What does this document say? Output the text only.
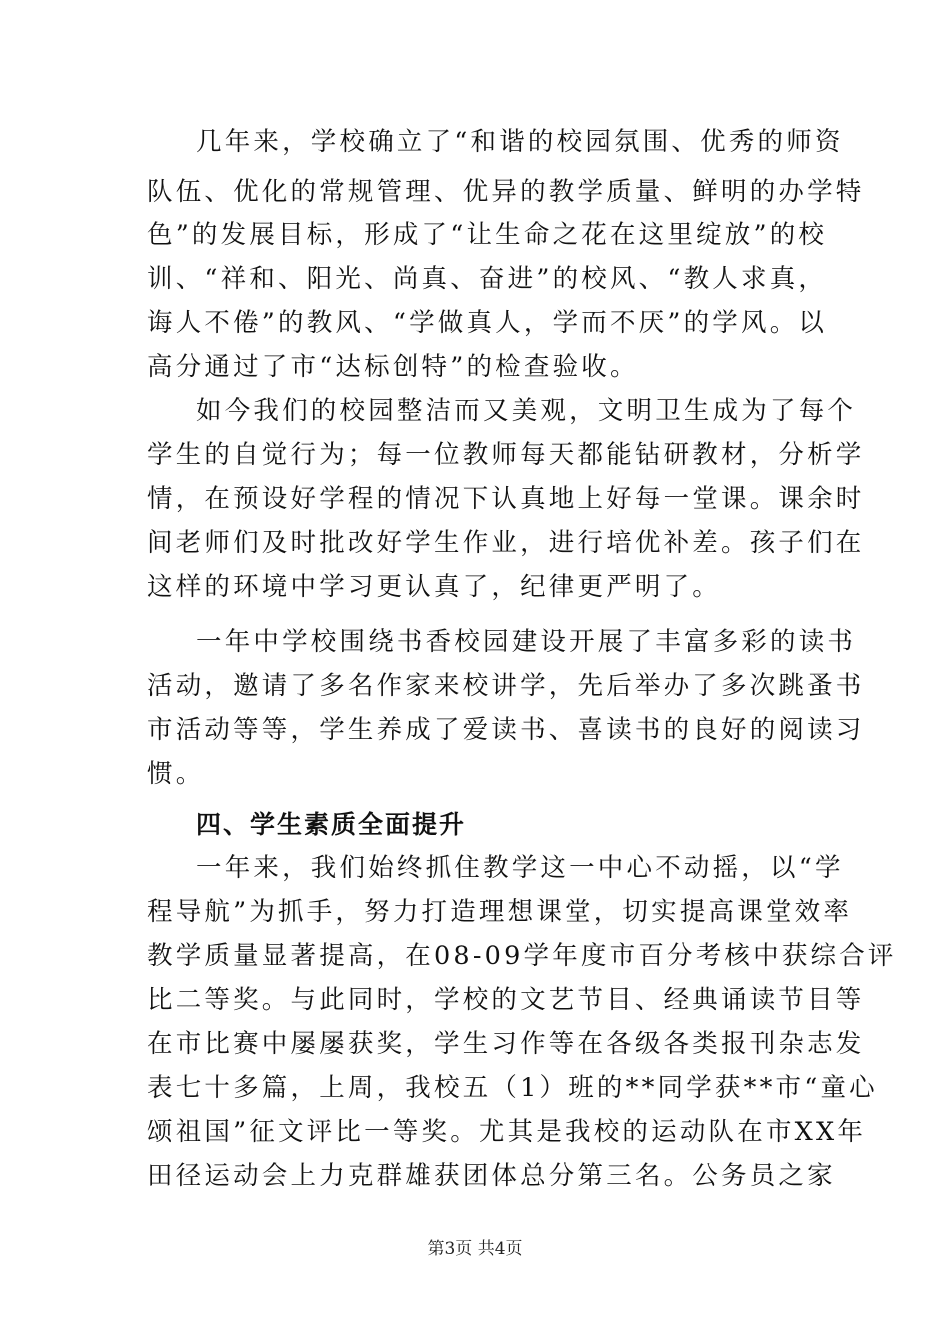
几年来，学校确立了“和谐的校园氛围、优秀的师资
队伍、优化的常规管理、优异的教学质量、鲜明的办学特
色”的发展目标，形成了“让生命之花在这里绽放”的校
训、“祥和、阳光、尚真、奋进”的校风、“教人求真，
诲人不倦”的教风、“学做真人，学而不厌”的学风。以
高分通过了市“达标创特”的检查验收。
如今我们的校园整洁而又美观，文明卫生成为了每个
学生的自觉行为；每一位教师每天都能钻研教材，分析学
情，在预设好学程的情况下认真地上好每一堂课。课余时
间老师们及时批改好学生作业，进行培优补差。孩子们在
这样的环境中学习更认真了，纪律更严明了。
一年中学校围绕书香校园建设开展了丰富多彩的读书
活动，邀请了多名作家来校讲学，先后举办了多次跳蚤书
市活动等等，学生养成了爱读书、喜读书的良好的阅读习
惯。
四、学生素质全面提升
一年来，我们始终抓住教学这一中心不动摇，以“学
程导航”为抓手，努力打造理想课堂，切实提高课堂效率
教学质量显著提高，在08-09学年度市百分考核中获综合评
比二等奖。与此同时，学校的文艺节目、经典诵读节目等
在市比赛中屡屡获奖，学生习作等在各级各类报刊杂志发
表七十多篇，上周，我校五（1）班的**同学获**市“童心
颂祖国”征文评比一等奖。尤其是我校的运动队在市XX年
田径运动会上力克群雄获团体总分第三名。公务员之家
第3页 共4页
